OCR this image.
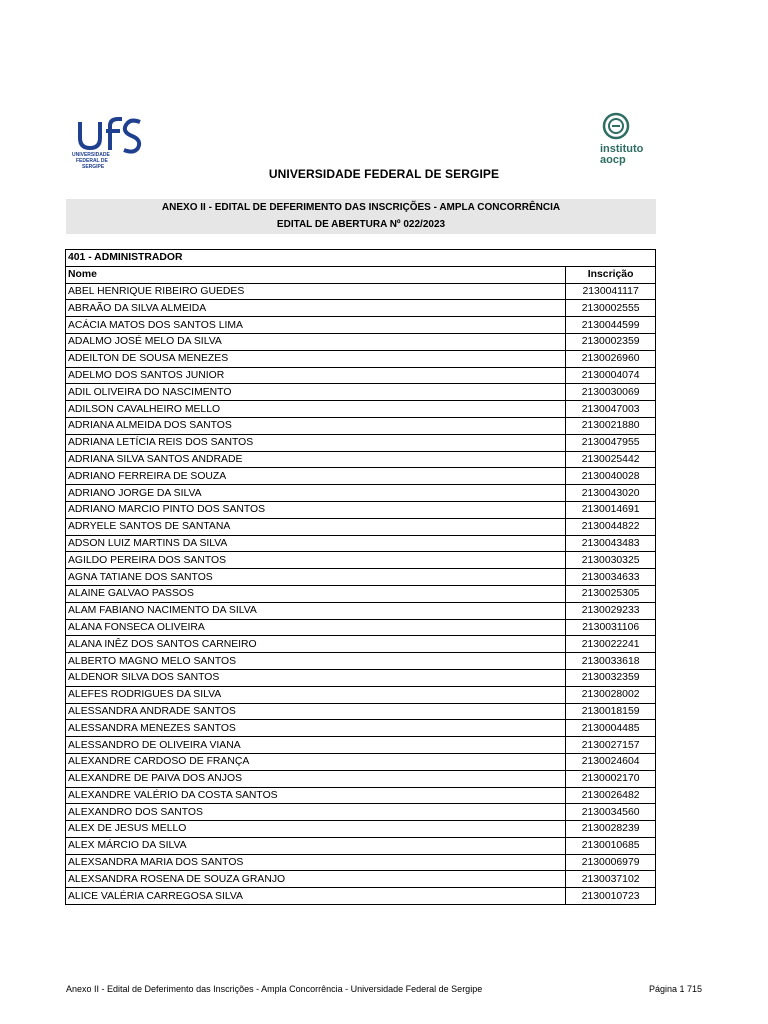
UNIVERSIDADE
FEDERAL DE
SERGIPE
instituto
aocp
UNIVERSIDADE FEDERAL DE SERGIPE
ANEXO II - EDITAL DE DEFERIMENTO DAS INSCRIÇÕES - AMPLA CONCORRÊNCIA
EDITAL DE ABERTURA Nº 022/2023
401 - ADMINISTRADOR	
Nome	Inscrição
ABEL HENRIQUE RIBEIRO GUEDES	2130041117
ABRAÃO DA SILVA ALMEIDA	2130002555
ACÁCIA MATOS DOS SANTOS LIMA	2130044599
ADALMO JOSÉ MELO DA SILVA	2130002359
ADEILTON DE SOUSA MENEZES	2130026960
ADELMO DOS SANTOS JUNIOR	2130004074
ADIL OLIVEIRA DO NASCIMENTO	2130030069
ADILSON CAVALHEIRO MELLO	2130047003
ADRIANA ALMEIDA DOS SANTOS	2130021880
ADRIANA LETÍCIA REIS DOS SANTOS	2130047955
ADRIANA SILVA SANTOS ANDRADE	2130025442
ADRIANO FERREIRA DE SOUZA	2130040028
ADRIANO JORGE DA SILVA	2130043020
ADRIANO MARCIO PINTO DOS SANTOS	2130014691
ADRYELE SANTOS DE SANTANA	2130044822
ADSON LUIZ MARTINS DA SILVA	2130043483
AGILDO PEREIRA DOS SANTOS	2130030325
AGNA TATIANE DOS SANTOS	2130034633
ALAINE GALVAO PASSOS	2130025305
ALAM FABIANO NACIMENTO DA SILVA	2130029233
ALANA FONSECA OLIVEIRA	2130031106
ALANA INÊZ DOS SANTOS CARNEIRO	2130022241
ALBERTO MAGNO MELO SANTOS	2130033618
ALDENOR SILVA DOS SANTOS	2130032359
ALEFES RODRIGUES DA SILVA	2130028002
ALESSANDRA ANDRADE SANTOS	2130018159
ALESSANDRA MENEZES SANTOS	2130004485
ALESSANDRO DE OLIVEIRA VIANA	2130027157
ALEXANDRE CARDOSO DE FRANÇA	2130024604
ALEXANDRE DE PAIVA DOS ANJOS	2130002170
ALEXANDRE VALÉRIO DA COSTA SANTOS	2130026482
ALEXANDRO DOS SANTOS	2130034560
ALEX DE JESUS MELLO	2130028239
ALEX MÁRCIO DA SILVA	2130010685
ALEXSANDRA MARIA DOS SANTOS	2130006979
ALEXSANDRA ROSENA DE SOUZA GRANJO	2130037102
ALICE VALÉRIA CARREGOSA SILVA	2130010723
Anexo II - Edital de Deferimento das Inscrições - Ampla Concorrência - Universidade Federal de Sergipe	Página 1 715
